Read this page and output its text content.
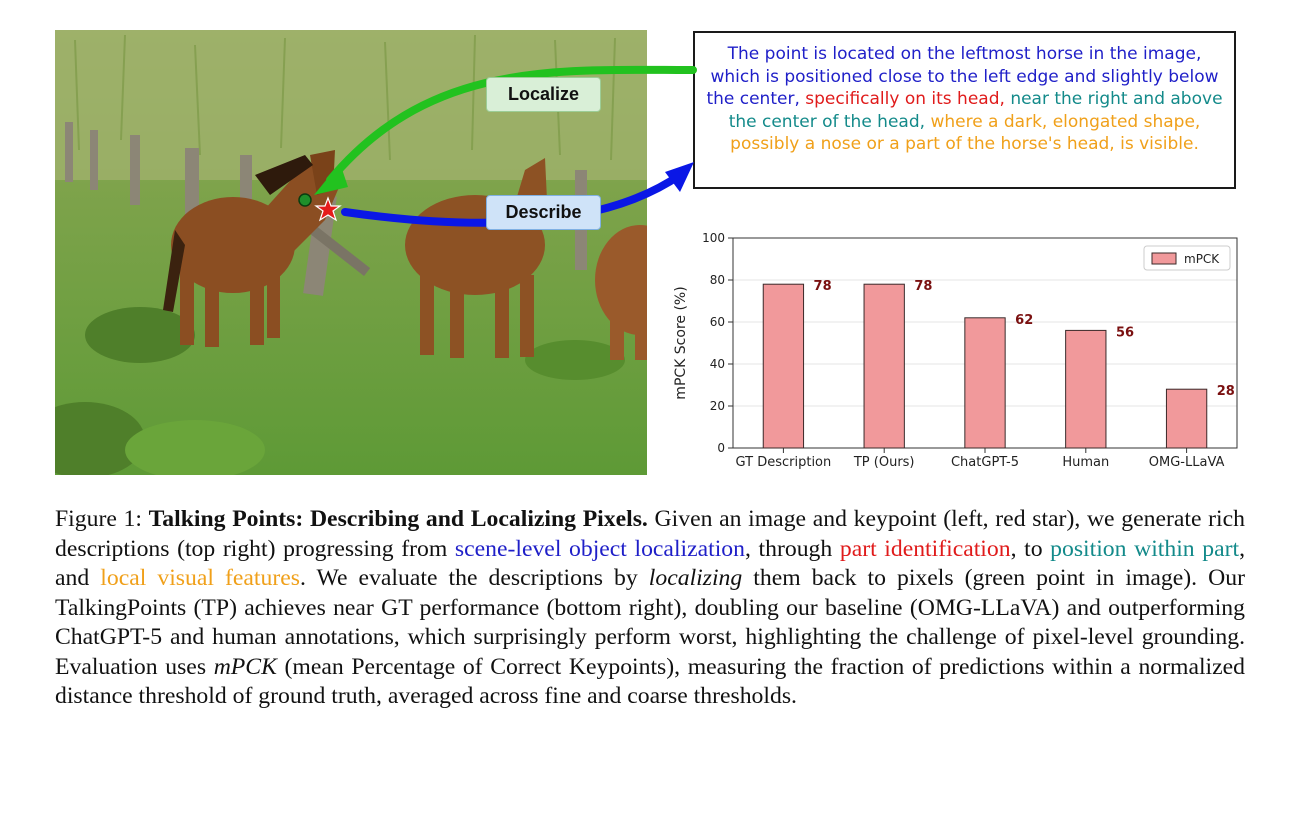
The point is located on the leftmost horse in the image, which is positioned close to the left edge and slightly below the center, specifically on its head, near the right and above the center of the head, where a dark, elongated shape, possibly a nose or a part of the horse's head, is visible.

Localize
Describe
0
20
40
60
80
100
mPCK Score (%)
GT Description
78
TP (Ours)
78
ChatGPT-5
62
Human
56
OMG-LLaVA
28
mPCK

Figure 1: Talking Points: Describing and Localizing Pixels. Given an image and keypoint (left, red star), we generate rich descriptions (top right) progressing from scene-level object localization, through part identification, to position within part, and local visual features. We evaluate the descriptions by localizing them back to pixels (green point in image). Our TalkingPoints (TP) achieves near GT performance (bottom right), doubling our baseline (OMG-LLaVA) and outperforming ChatGPT-5 and human annotations, which surprisingly perform worst, highlighting the challenge of pixel-level grounding. Evaluation uses mPCK (mean Percentage of Correct Keypoints), measuring the fraction of predictions within a normalized distance threshold of ground truth, averaged across fine and coarse thresholds.
